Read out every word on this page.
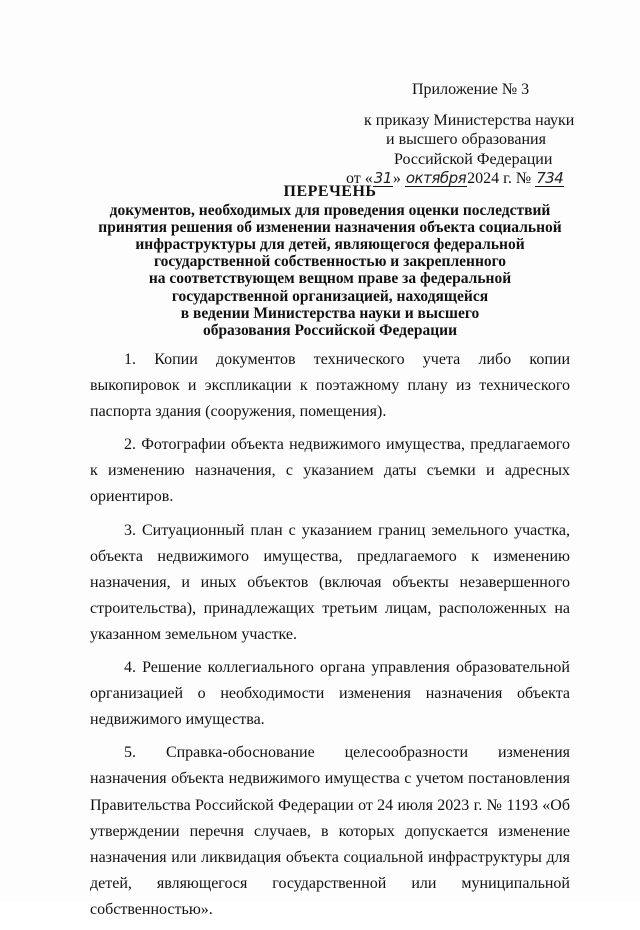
Приложение № 3
к приказу Министерства науки
и высшего образования
Российской Федерации
от «31» октября2024 г. № 734
ПЕРЕЧЕНЬ
документов, необходимых для проведения оценки последствий
принятия решения об изменении назначения объекта социальной
инфраструктуры для детей, являющегося федеральной
государственной собственностью и закрепленного
на соответствующем вещном праве за федеральной
государственной организацией, находящейся
в ведении Министерства науки и высшего
образования Российской Федерации

1. Копии документов технического учета либо копии выкопировок и экспликации к поэтажному плану из технического паспорта здания (сооружения, помещения).

2. Фотографии объекта недвижимого имущества, предлагаемого к изменению назначения, с указанием даты съемки и адресных ориентиров.

3. Ситуационный план с указанием границ земельного участка, объекта недвижимого имущества, предлагаемого к изменению назначения, и иных объектов (включая объекты незавершенного строительства), принадлежащих третьим лицам, расположенных на указанном земельном участке.

4. Решение коллегиального органа управления образовательной организацией о необходимости изменения назначения объекта недвижимого имущества.

5. Справка-обоснование целесообразности изменения назначения объекта недвижимого имущества с учетом постановления Правительства Российской Федерации от 24 июля 2023 г. № 1193 «Об утверждении перечня случаев, в которых допускается изменение назначения или ликвидация объекта социальной инфраструктуры для детей, являющегося государственной или муниципальной собственностью».
